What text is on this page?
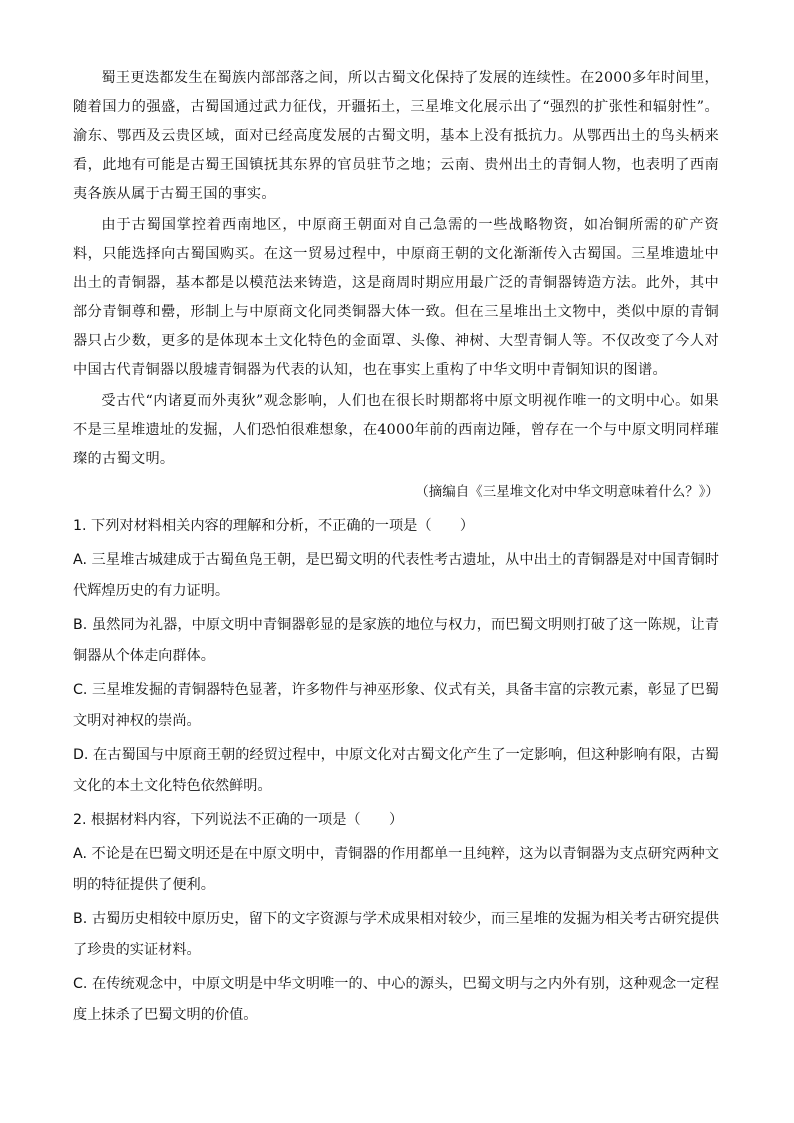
蜀王更迭都发生在蜀族内部部落之间，所以古蜀文化保持了发展的连续性。在2000多年时间里，随着国力的强盛，古蜀国通过武力征伐，开疆拓土，三星堆文化展示出了“强烈的扩张性和辐射性”。渝东、鄂西及云贵区域，面对已经高度发展的古蜀文明，基本上没有抵抗力。从鄂西出土的鸟头柄来看，此地有可能是古蜀王国镇抚其东界的官员驻节之地；云南、贵州出土的青铜人物，也表明了西南夷各族从属于古蜀王国的事实。

由于古蜀国掌控着西南地区，中原商王朝面对自己急需的一些战略物资，如冶铜所需的矿产资料，只能选择向古蜀国购买。在这一贸易过程中，中原商王朝的文化渐渐传入古蜀国。三星堆遗址中出土的青铜器，基本都是以模范法来铸造，这是商周时期应用最广泛的青铜器铸造方法。此外，其中部分青铜尊和罍，形制上与中原商文化同类铜器大体一致。但在三星堆出土文物中，类似中原的青铜器只占少数，更多的是体现本土文化特色的金面罩、头像、神树、大型青铜人等。不仅改变了今人对中国古代青铜器以殷墟青铜器为代表的认知，也在事实上重构了中华文明中青铜知识的图谱。

受古代“内诸夏而外夷狄”观念影响，人们也在很长时期都将中原文明视作唯一的文明中心。如果不是三星堆遗址的发掘，人们恐怕很难想象，在4000年前的西南边陲，曾存在一个与中原文明同样璀璨的古蜀文明。

（摘编自《三星堆文化对中华文明意味着什么？》）

1. 下列对材料相关内容的理解和分析，不正确的一项是（　　）

A. 三星堆古城建成于古蜀鱼凫王朝，是巴蜀文明的代表性考古遗址，从中出土的青铜器是对中国青铜时代辉煌历史的有力证明。

B. 虽然同为礼器，中原文明中青铜器彰显的是家族的地位与权力，而巴蜀文明则打破了这一陈规，让青铜器从个体走向群体。

C. 三星堆发掘的青铜器特色显著，许多物件与神巫形象、仪式有关，具备丰富的宗教元素，彰显了巴蜀文明对神权的崇尚。

D. 在古蜀国与中原商王朝的经贸过程中，中原文化对古蜀文化产生了一定影响，但这种影响有限，古蜀文化的本土文化特色依然鲜明。

2. 根据材料内容，下列说法不正确的一项是（　　）

A. 不论是在巴蜀文明还是在中原文明中，青铜器的作用都单一且纯粹，这为以青铜器为支点研究两种文明的特征提供了便利。

B. 古蜀历史相较中原历史，留下的文字资源与学术成果相对较少，而三星堆的发掘为相关考古研究提供了珍贵的实证材料。

C. 在传统观念中，中原文明是中华文明唯一的、中心的源头，巴蜀文明与之内外有别，这种观念一定程度上抹杀了巴蜀文明的价值。
